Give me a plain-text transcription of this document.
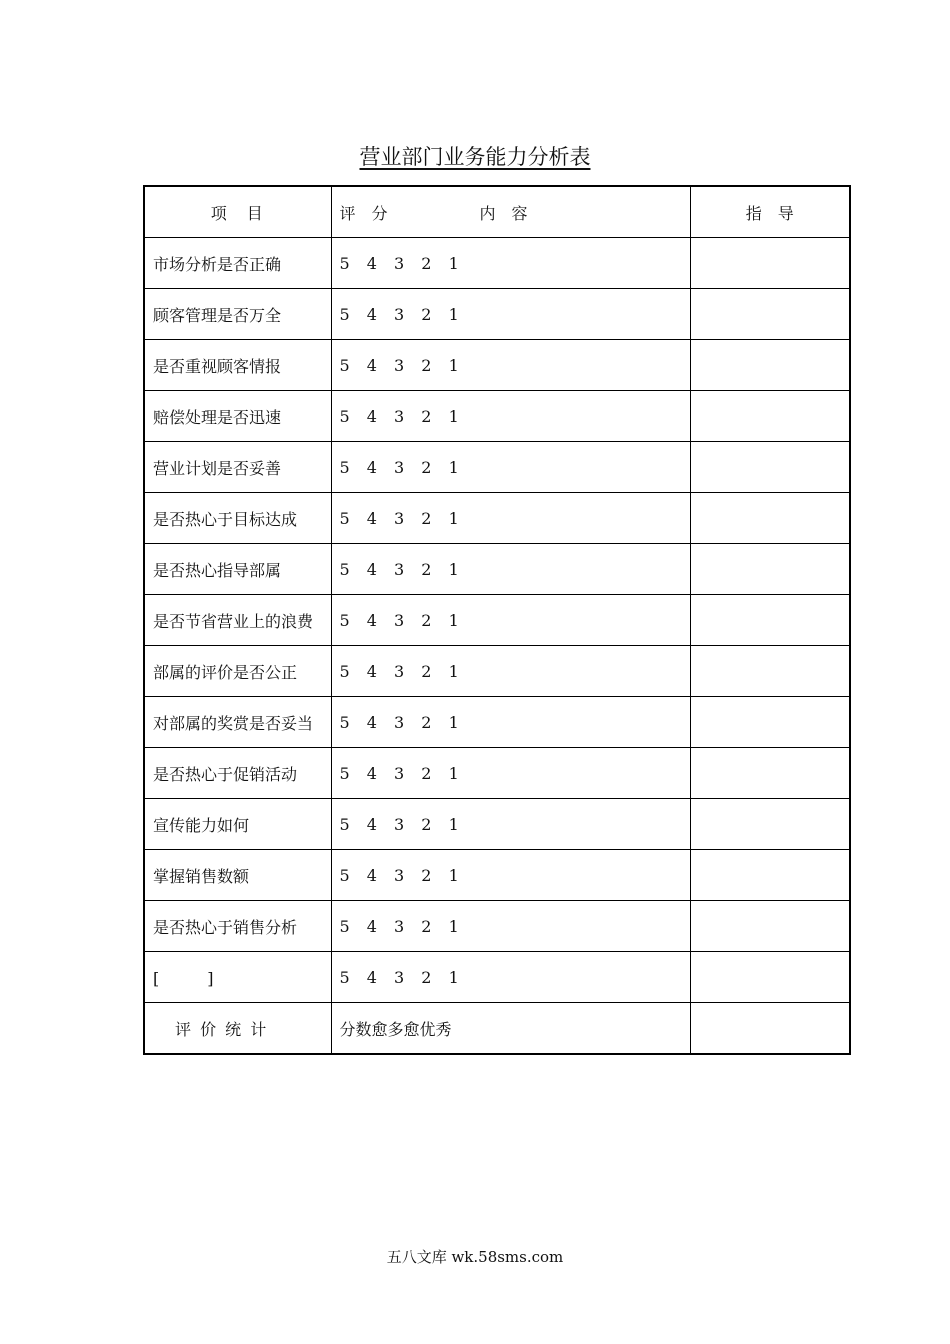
营业部门业务能力分析表
项　目	评　分 内　容	指　导
市场分析是否正确	5 4 3 2 1	
顾客管理是否万全	5 4 3 2 1	
是否重视顾客情报	5 4 3 2 1	
赔偿处理是否迅速	5 4 3 2 1	
营业计划是否妥善	5 4 3 2 1	
是否热心于目标达成	5 4 3 2 1	
是否热心指导部属	5 4 3 2 1	
是否节省营业上的浪费	5 4 3 2 1	
部属的评价是否公正	5 4 3 2 1	
对部属的奖赏是否妥当	5 4 3 2 1	
是否热心于促销活动	5 4 3 2 1	
宣传能力如何	5 4 3 2 1	
掌握销售数额	5 4 3 2 1	
是否热心于销售分析	5 4 3 2 1	
[　　　]	5 4 3 2 1	
评 价 统 计	分数愈多愈优秀	
五八文库 wk.58sms.com
